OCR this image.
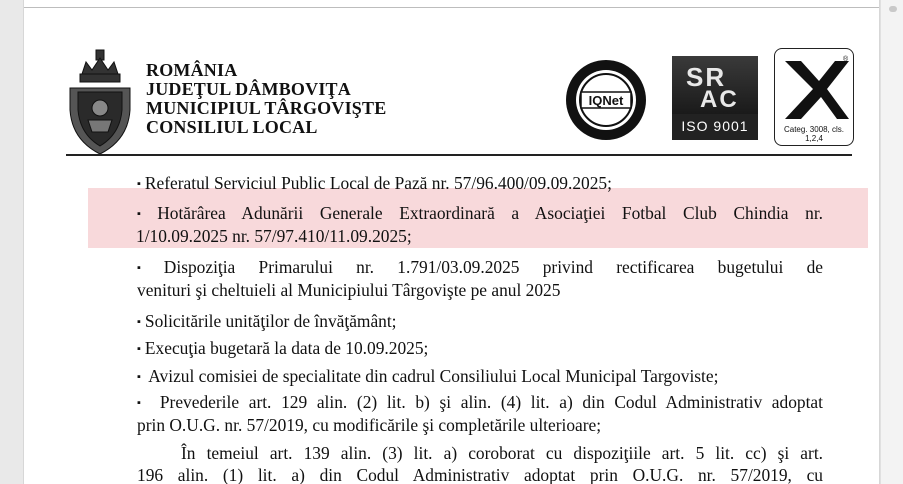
ROMÂNIA
JUDEŢUL DÂMBOVIŢA
MUNICIPIUL TÂRGOVIŞTE
CONSILIUL LOCAL
IQNet
SR
AC
ISO 9001
®
Categ. 3008, cls. 1,2,4
▪ Referatul Serviciul Public Local de Pază nr. 57/96.400/09.09.2025;
▪ Hotărârea Adunării Generale Extraordinară a Asociaţiei Fotbal Club Chindia nr.
1/10.09.2025 nr. 57/97.410/11.09.2025;
▪ Dispoziţia Primarului nr. 1.791/03.09.2025 privind rectificarea bugetului de
venituri şi cheltuieli al Municipiului Târgovişte pe anul 2025
▪ Solicitările unităţilor de învăţământ;
▪ Execuţia bugetară la data de 10.09.2025;
▪ Avizul comisiei de specialitate din cadrul Consiliului Local Municipal Targoviste;
▪ Prevederile art. 129 alin. (2) lit. b) şi alin. (4) lit. a) din Codul Administrativ adoptat
prin O.U.G. nr. 57/2019, cu modificările şi completările ulterioare;
În temeiul art. 139 alin. (3) lit. a) coroborat cu dispoziţiile art. 5 lit. cc) şi art.
196 alin. (1) lit. a) din Codul Administrativ adoptat prin O.U.G. nr. 57/2019, cu
